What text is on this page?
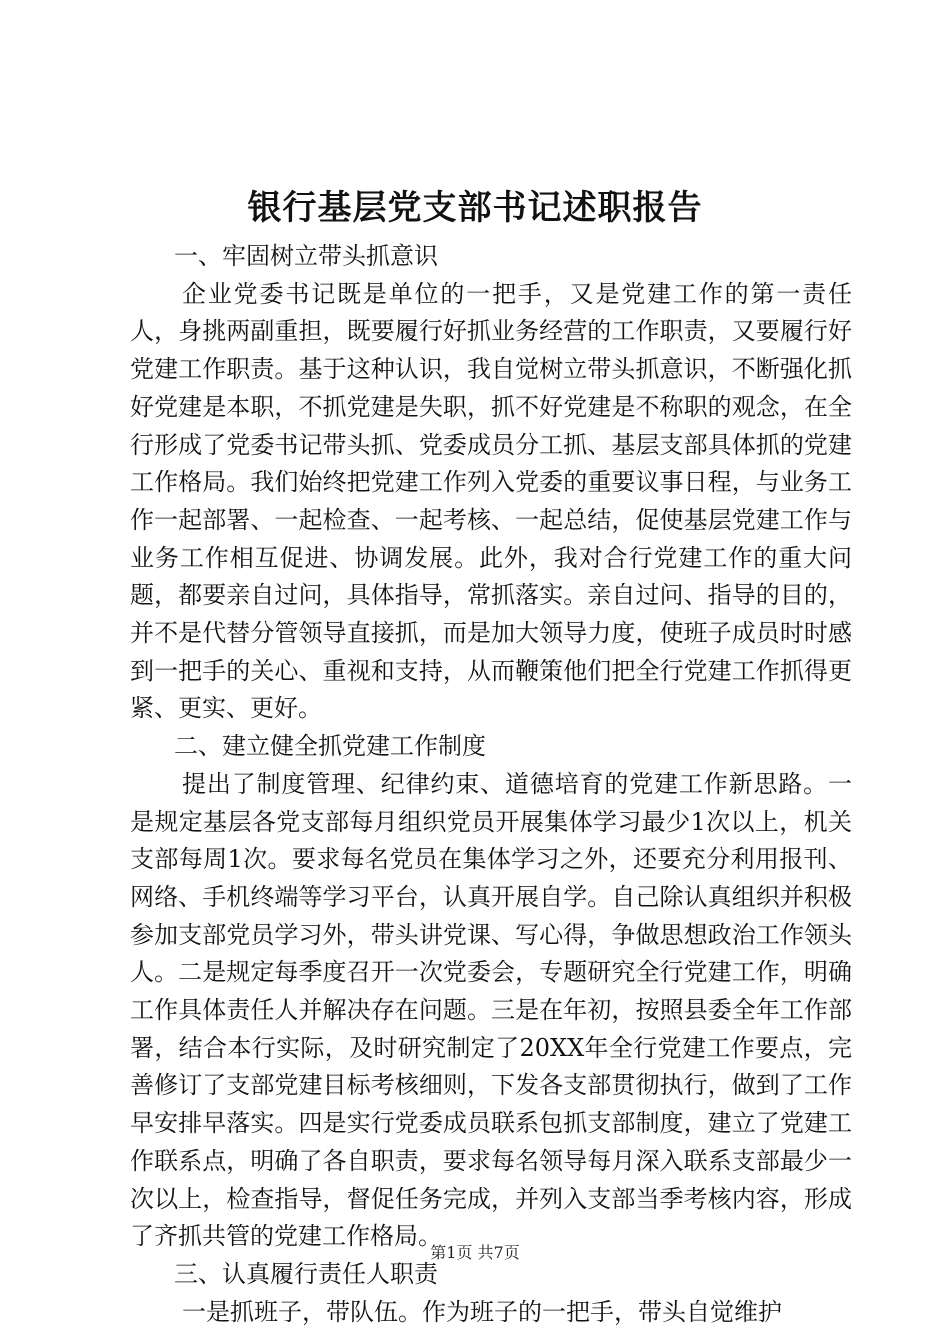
银行基层党支部书记述职报告

一、牢固树立带头抓意识

企业党委书记既是单位的一把手，又是党建工作的第一责任人，身挑两副重担，既要履行好抓业务经营的工作职责，又要履行好党建工作职责。基于这种认识，我自觉树立带头抓意识，不断强化抓好党建是本职，不抓党建是失职，抓不好党建是不称职的观念，在全行形成了党委书记带头抓、党委成员分工抓、基层支部具体抓的党建工作格局。我们始终把党建工作列入党委的重要议事日程，与业务工作一起部署、一起检查、一起考核、一起总结，促使基层党建工作与业务工作相互促进、协调发展。此外，我对合行党建工作的重大问题，都要亲自过问，具体指导，常抓落实。亲自过问、指导的目的，并不是代替分管领导直接抓，而是加大领导力度，使班子成员时时感到一把手的关心、重视和支持，从而鞭策他们把全行党建工作抓得更紧、更实、更好。

二、建立健全抓党建工作制度

提出了制度管理、纪律约束、道德培育的党建工作新思路。一是规定基层各党支部每月组织党员开展集体学习最少1次以上，机关支部每周1次。要求每名党员在集体学习之外，还要充分利用报刊、网络、手机终端等学习平台，认真开展自学。自己除认真组织并积极参加支部党员学习外，带头讲党课、写心得，争做思想政治工作领头人。二是规定每季度召开一次党委会，专题研究全行党建工作，明确工作具体责任人并解决存在问题。三是在年初，按照县委全年工作部署，结合本行实际，及时研究制定了20XX年全行党建工作要点，完善修订了支部党建目标考核细则，下发各支部贯彻执行，做到了工作早安排早落实。四是实行党委成员联系包抓支部制度，建立了党建工作联系点，明确了各自职责，要求每名领导每月深入联系支部最少一次以上，检查指导，督促任务完成，并列入支部当季考核内容，形成了齐抓共管的党建工作格局。

三、认真履行责任人职责

一是抓班子，带队伍。作为班子的一把手，带头自觉维护

第1页 共7页
